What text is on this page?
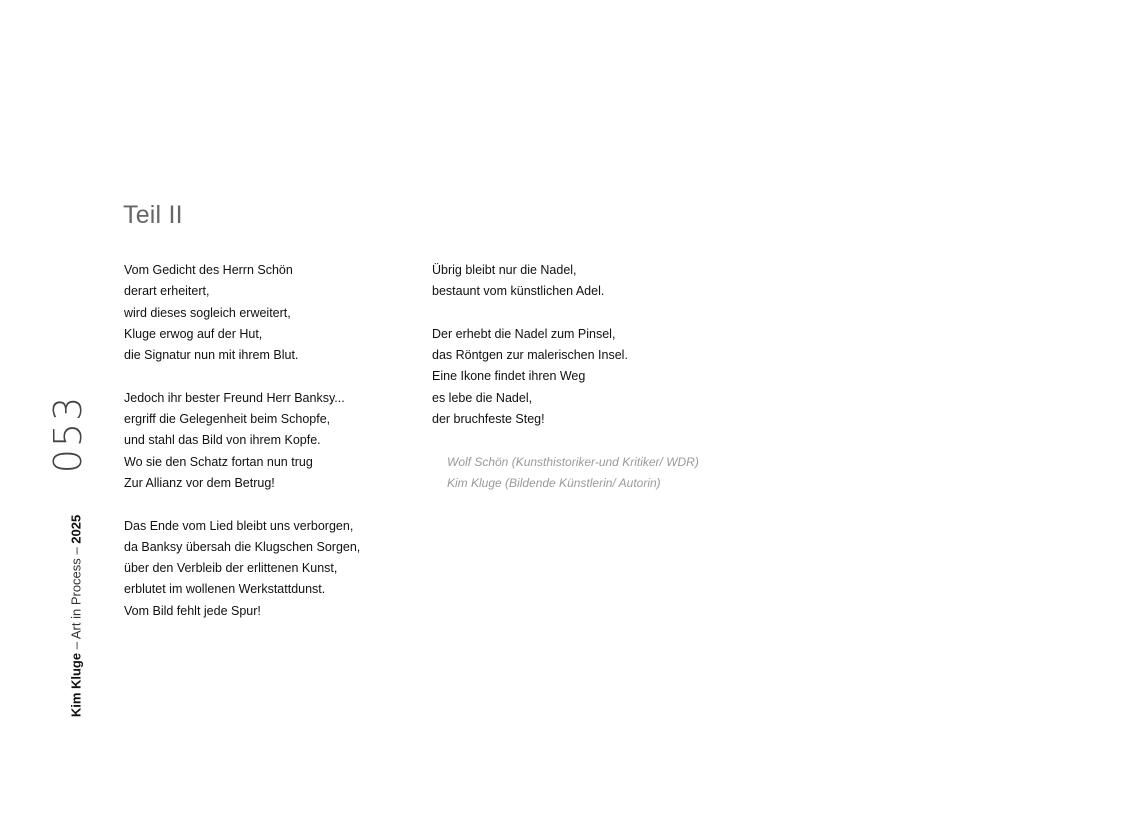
053
Kim Kluge – Art in Process – 2025
Teil II
Vom Gedicht des Herrn Schön
derart erheitert,
wird dieses sogleich erweitert,
Kluge erwog auf der Hut,
die Signatur nun mit ihrem Blut.
Jedoch ihr bester Freund Herr Banksy...
ergriff die Gelegenheit beim Schopfe,
und stahl das Bild von ihrem Kopfe.
Wo sie den Schatz fortan nun trug
Zur Allianz vor dem Betrug!
Das Ende vom Lied bleibt uns verborgen,
da Banksy übersah die Klugschen Sorgen,
über den Verbleib der erlittenen Kunst,
erblutet im wollenen Werkstattdunst.
Vom Bild fehlt jede Spur!
Übrig bleibt nur die Nadel,
bestaunt vom künstlichen Adel.
Der erhebt die Nadel zum Pinsel,
das Röntgen zur malerischen Insel.
Eine Ikone findet ihren Weg
es lebe die Nadel,
der bruchfeste Steg!
Wolf Schön (Kunsthistoriker-und Kritiker/ WDR)
Kim Kluge (Bildende Künstlerin/ Autorin)
